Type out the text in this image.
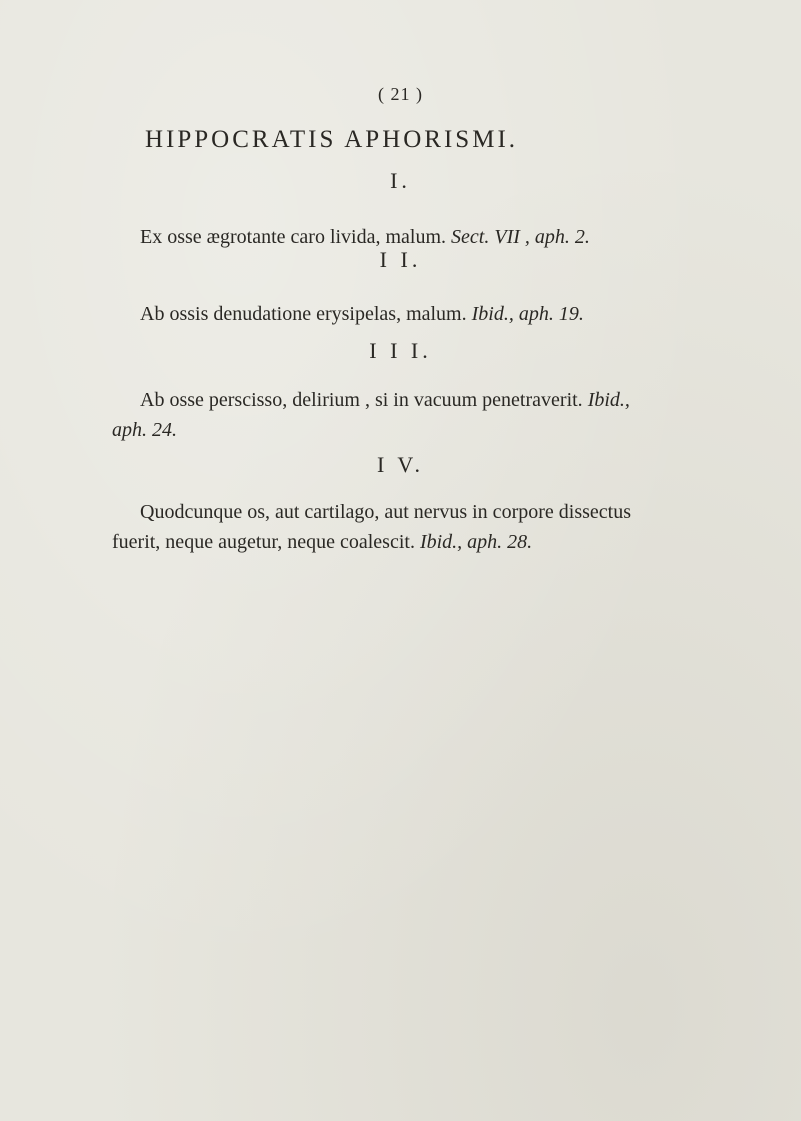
( 21 )
HIPPOCRATIS APHORISMI.
I.
Ex osse ægrotante caro livida, malum. Sect. VII , aph. 2.
I I.
Ab ossis denudatione erysipelas, malum. Ibid., aph. 19.
I I I.
Ab osse perscisso, delirium , si in vacuum penetraverit. Ibid.,
aph. 24.
I V.
Quodcunque os, aut cartilago, aut nervus in corpore dissectus
fuerit, neque augetur, neque coalescit. Ibid., aph. 28.
